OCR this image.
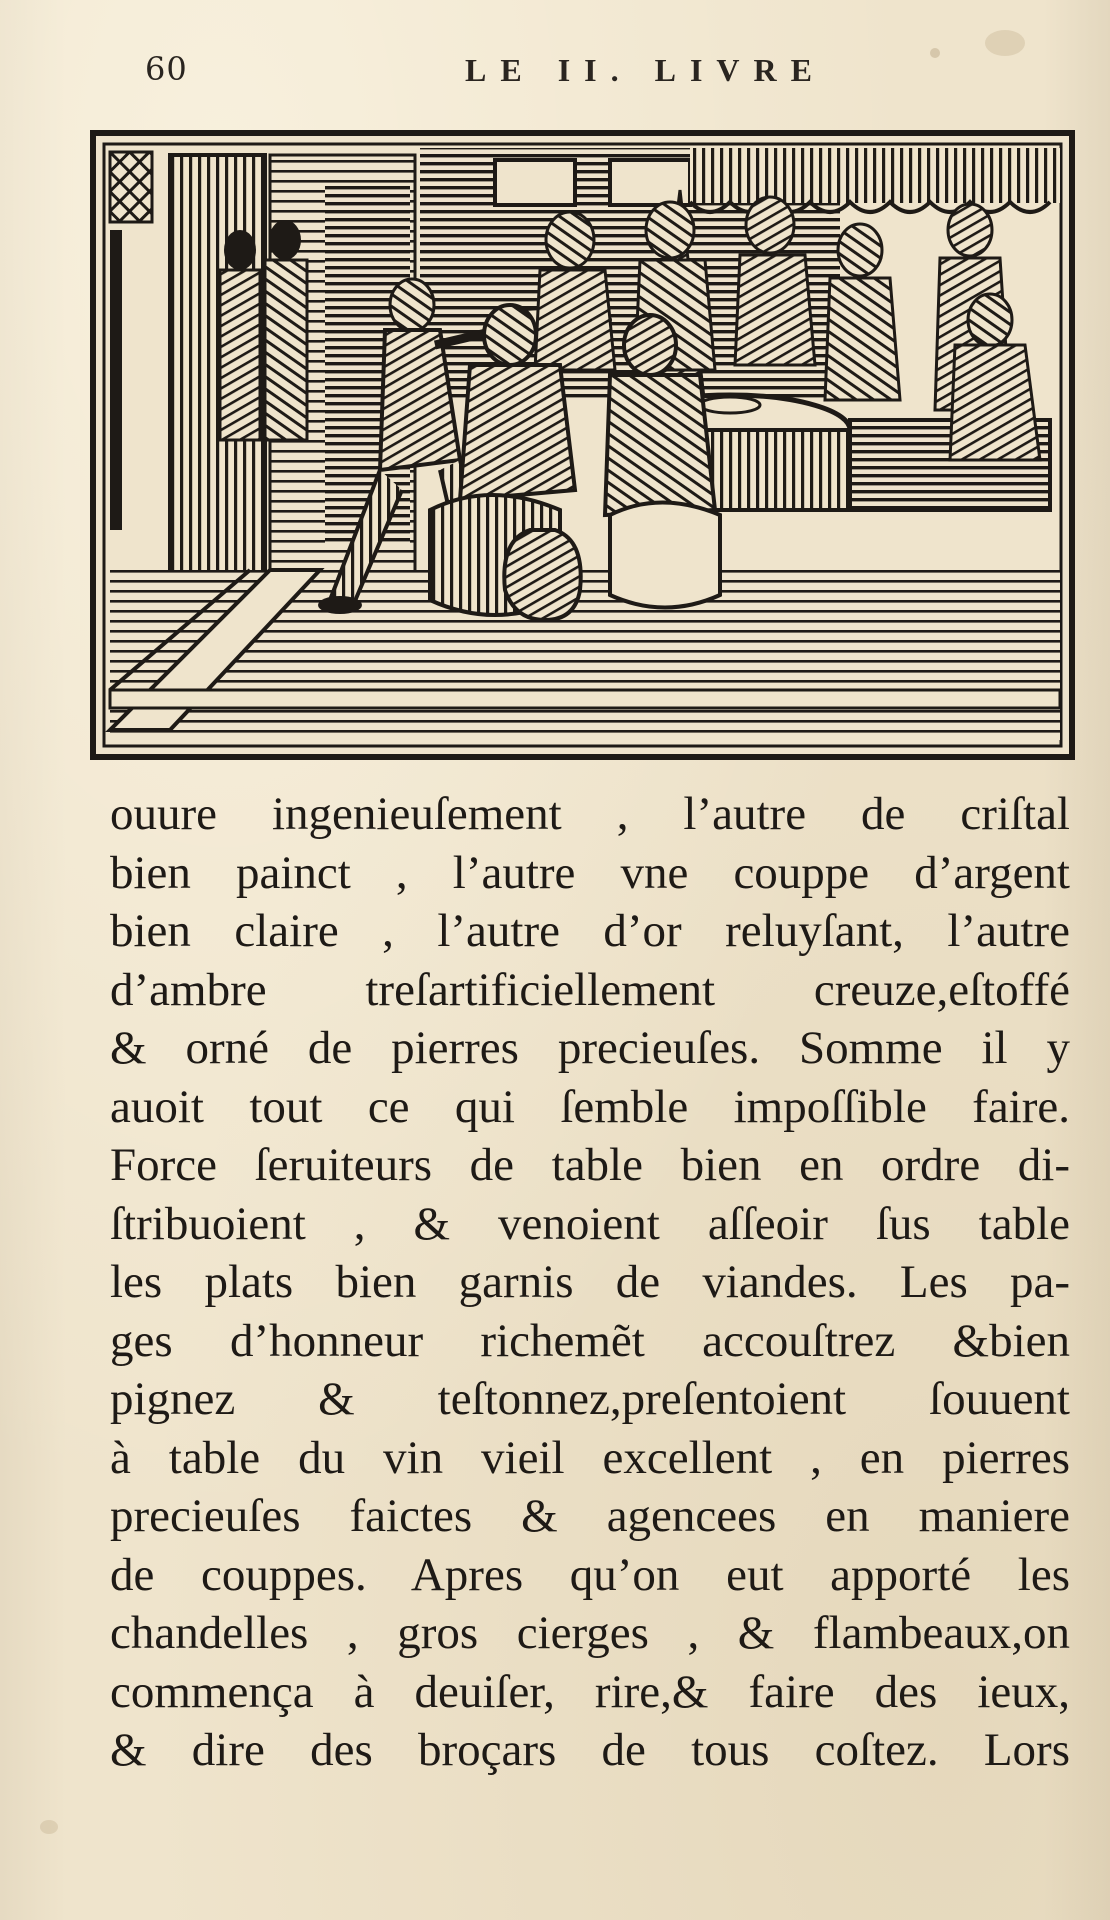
60	LE II. LIVRE
ouure ingenieuſement , l’autre de criſtal
bien painct , l’autre vne couppe d’argent
bien claire , l’autre d’or reluyſant, l’autre
d’ambre treſartificiellement creuze,eſtoffé
& orné de pierres precieuſes. Somme il y
auoit tout ce qui ſemble impoſſible faire.
Force ſeruiteurs de table bien en ordre di-
ſtribuoient , & venoient aſſeoir ſus table
les plats bien garnis de viandes. Les pa-
ges d’honneur richemẽt accouſtrez &bien
pignez & teſtonnez,preſentoient ſouuent
à table du vin vieil excellent , en pierres
precieuſes faictes & agencees en maniere
de couppes. Apres qu’on eut apporté les
chandelles , gros cierges , & flambeaux,on
commença à deuiſer, rire,& faire des ieux,
& dire des broçars de tous coſtez. Lors
